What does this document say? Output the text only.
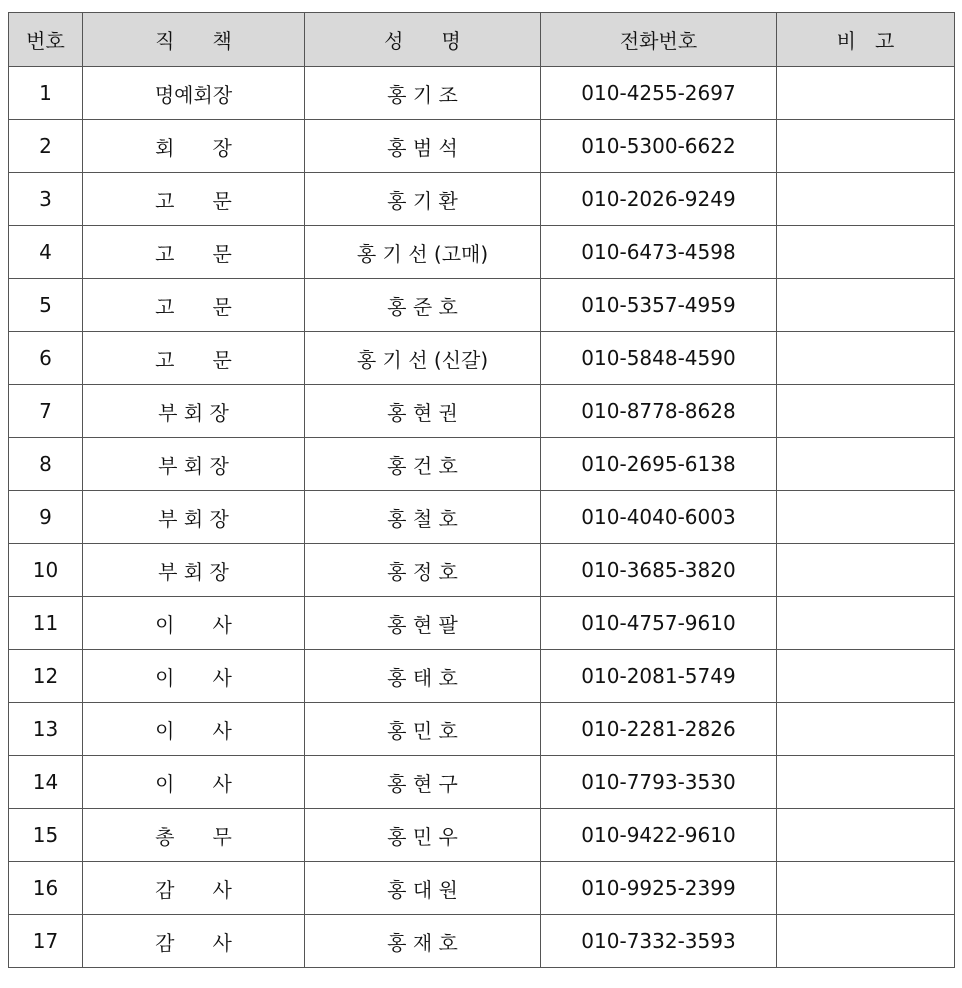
번호	직      책	성      명	전화번호	비   고
1	명예회장	홍 기 조	010-4255-2697	
2	회      장	홍 범 석	010-5300-6622	
3	고      문	홍 기 환	010-2026-9249	
4	고      문	홍 기 선 (고매)	010-6473-4598	
5	고      문	홍 준 호	010-5357-4959	
6	고      문	홍 기 선 (신갈)	010-5848-4590	
7	부 회 장	홍 현 권	010-8778-8628	
8	부 회 장	홍 건 호	010-2695-6138	
9	부 회 장	홍 철 호	010-4040-6003	
10	부 회 장	홍 정 호	010-3685-3820	
11	이      사	홍 현 팔	010-4757-9610	
12	이      사	홍 태 호	010-2081-5749	
13	이      사	홍 민 호	010-2281-2826	
14	이      사	홍 현 구	010-7793-3530	
15	총      무	홍 민 우	010-9422-9610	
16	감      사	홍 대 원	010-9925-2399	
17	감      사	홍 재 호	010-7332-3593	
